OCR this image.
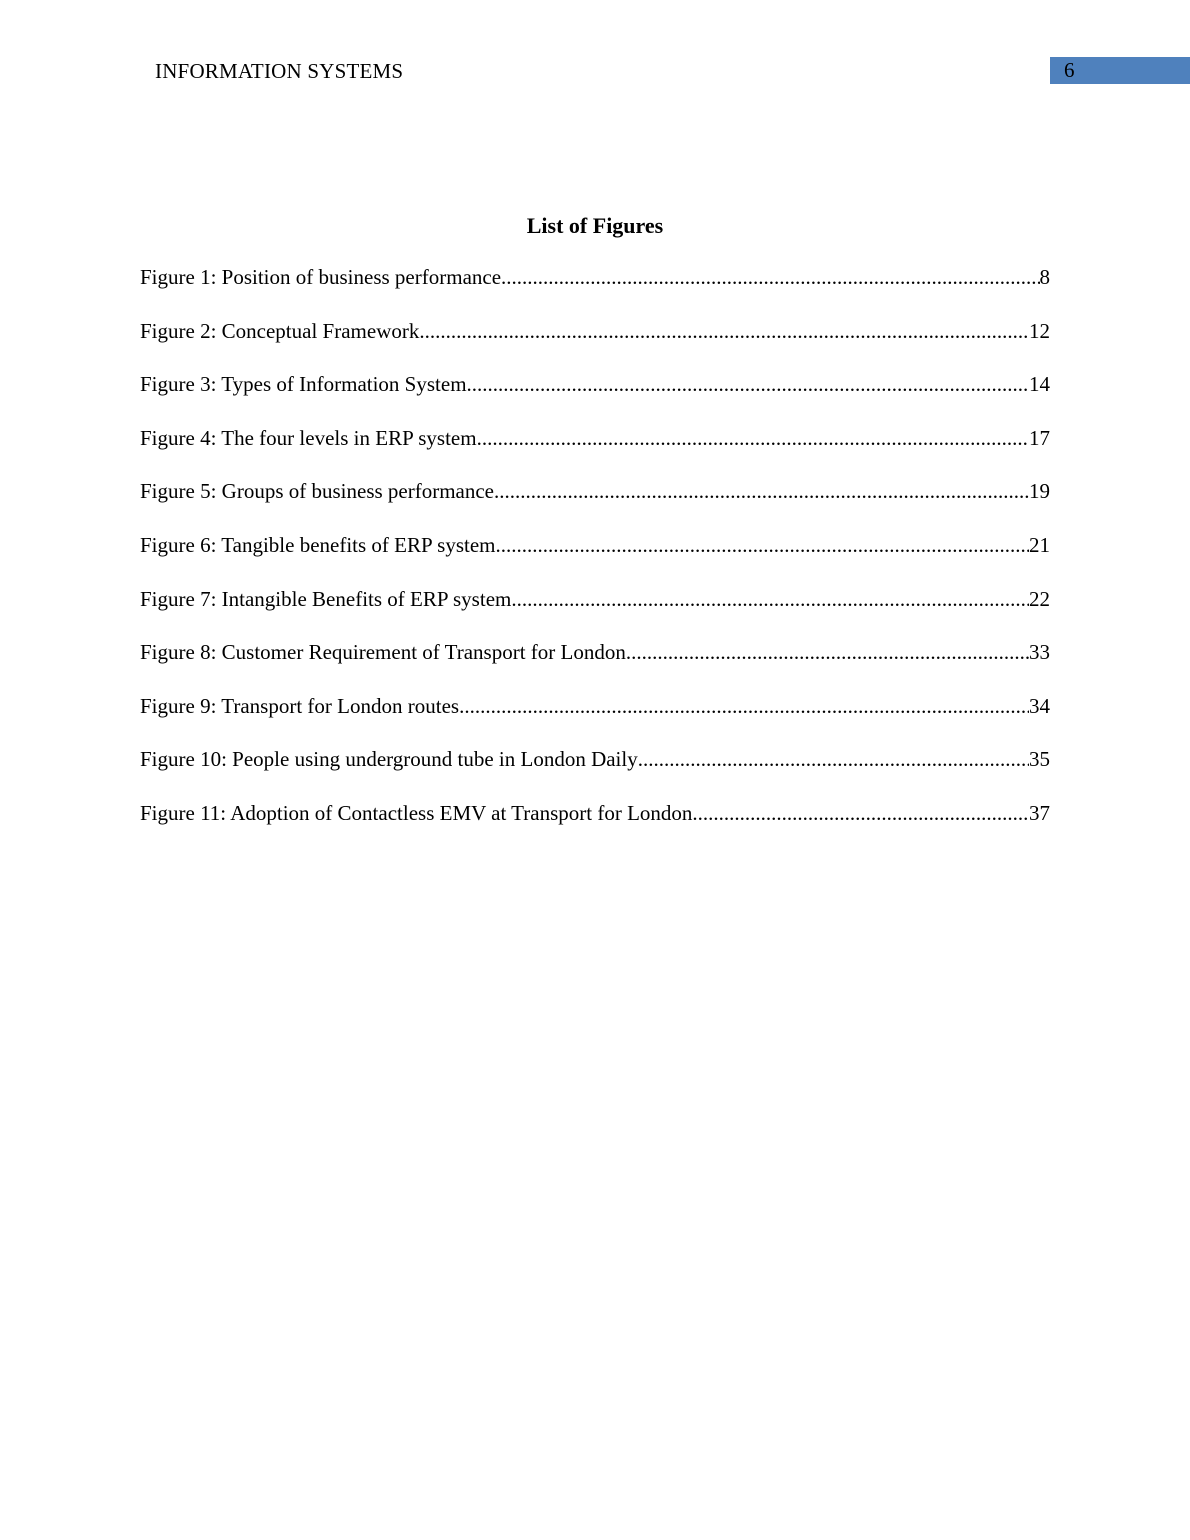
INFORMATION SYSTEMS	6
List of Figures
Figure 1: Position of business performance .....	8
Figure 2: Conceptual Framework .....	12
Figure 3: Types of Information System .....	14
Figure 4: The four levels in ERP system .....	17
Figure 5: Groups of business performance .....	19
Figure 6: Tangible benefits of ERP system .....	21
Figure 7: Intangible Benefits of ERP system .....	22
Figure 8: Customer Requirement of Transport for London .....	33
Figure 9: Transport for London routes .....	34
Figure 10: People using underground tube in London Daily .....	35
Figure 11: Adoption of Contactless EMV at Transport for London .....	37
